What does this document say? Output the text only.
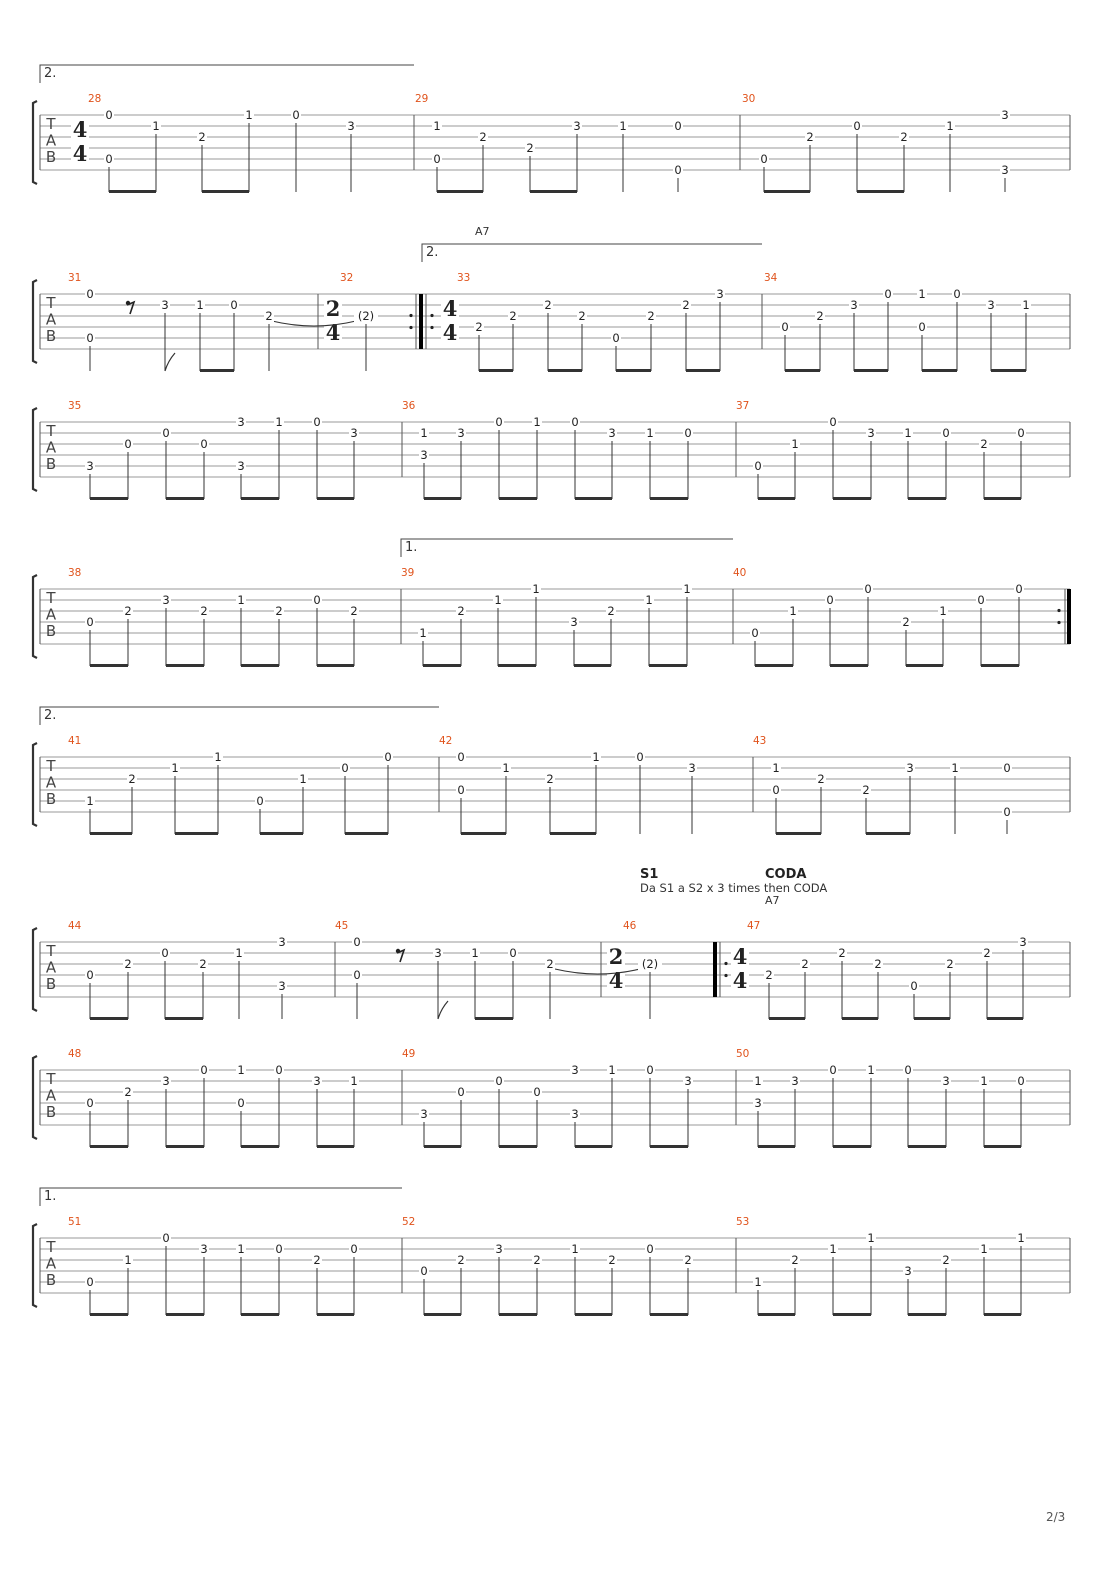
T
A
B
4
4
28	29	30
2.
0
0
1
2
1	0
3	1
0
2
2
3	1	0
0
0
2
0
2
1
3
3
T
A
B
2
4
4
4
31	32	33	34
2.
A7
0
0
3 1 0
2	(2)
2
2
2
2
0
2
2
3
0
2
3
0 1
0
0
3 1
T
A
B
35	36	37
3
0
0
0
3
3
1	0
3	1
3
3
0	1	0
3	1	0
0
1
0
3	1	0
2
0
T
A
B
38	39	40
1.
0
2
3
2
1
2
0
2
1
2
1
1
3
2
1
1
0
1
0
0
2
1
0
0
T
A
B
41	42	43
2.
1
2
1
1
0
1
0
0	0
0
1
2
1	0
3	1
0
2
2
3	1	0
0
T
A
B
2
4
4
4
44	45	46	47
A7
0
2
0
2
1
3
3
0
0
3	1	0
2	(2)
2
2
2
2
0
2
2
3
T
A
B
48	49	50
0
2
3
0	1
0
0
3	1
3
0
0
0
3
3
1	0
3	1
3
3
0	1	0
3	1	0
T
A
B
51	52	53
1.
0
1
0
3	1	0
2
0
0
2
3
2
1
2
0
2
1
2
1
1
3
2
1
1
S1	CODA
Da S1 a S2 x 3 times then CODA
2/3
